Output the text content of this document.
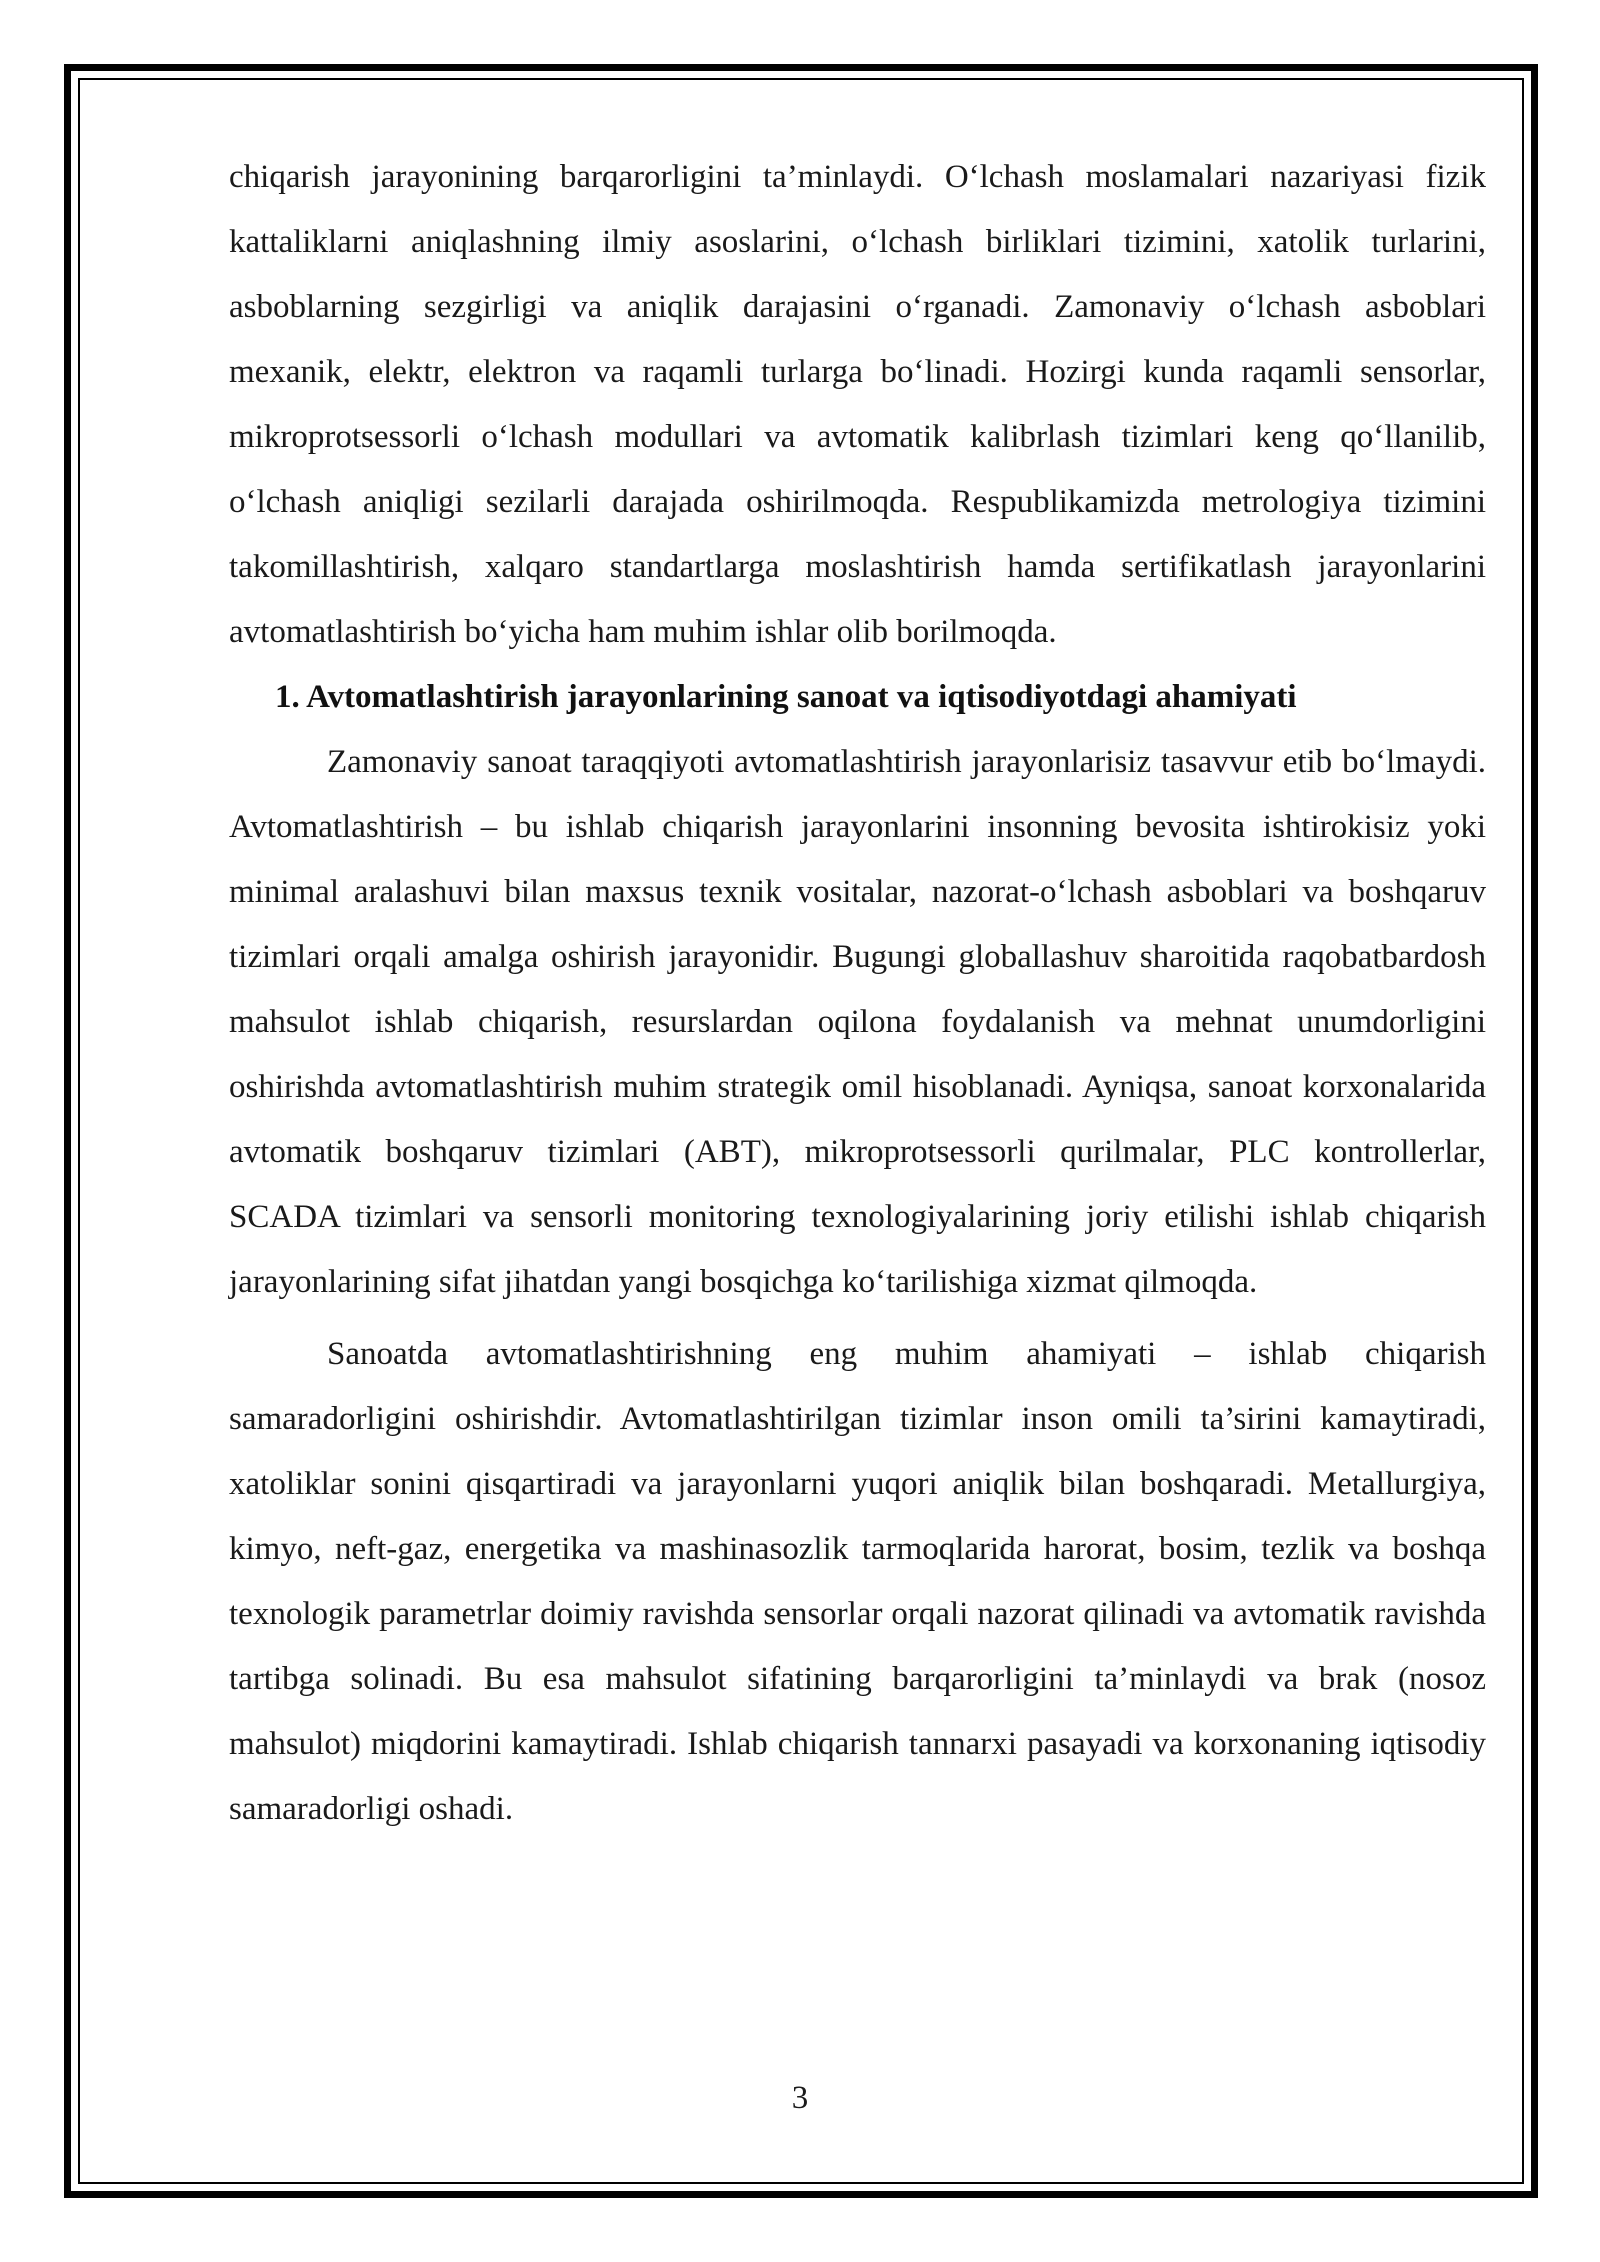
chiqarish jarayonining barqarorligini ta’minlaydi. O‘lchash moslamalari nazariyasi fizik kattaliklarni aniqlashning ilmiy asoslarini, o‘lchash birliklari tizimini, xatolik turlarini, asboblarning sezgirligi va aniqlik darajasini o‘rganadi. Zamonaviy o‘lchash asboblari mexanik, elektr, elektron va raqamli turlarga bo‘linadi. Hozirgi kunda raqamli sensorlar, mikroprotsessorli o‘lchash modullari va avtomatik kalibrlash tizimlari keng qo‘llanilib, o‘lchash aniqligi sezilarli darajada oshirilmoqda. Respublikamizda metrologiya tizimini takomillashtirish, xalqaro standartlarga moslashtirish hamda sertifikatlash jarayonlarini avtomatlashtirish bo‘yicha ham muhim ishlar olib borilmoqda.

1. Avtomatlashtirish jarayonlarining sanoat va iqtisodiyotdagi ahamiyati

Zamonaviy sanoat taraqqiyoti avtomatlashtirish jarayonlarisiz tasavvur etib bo‘lmaydi. Avtomatlashtirish – bu ishlab chiqarish jarayonlarini insonning bevosita ishtirokisiz yoki minimal aralashuvi bilan maxsus texnik vositalar, nazorat-o‘lchash asboblari va boshqaruv tizimlari orqali amalga oshirish jarayonidir. Bugungi globallashuv sharoitida raqobatbardosh mahsulot ishlab chiqarish, resurslardan oqilona foydalanish va mehnat unumdorligini oshirishda avtomatlashtirish muhim strategik omil hisoblanadi. Ayniqsa, sanoat korxonalarida avtomatik boshqaruv tizimlari (ABT), mikroprotsessorli qurilmalar, PLC kontrollerlar, SCADA tizimlari va sensorli monitoring texnologiyalarining joriy etilishi ishlab chiqarish jarayonlarining sifat jihatdan yangi bosqichga ko‘tarilishiga xizmat qilmoqda.

Sanoatda avtomatlashtirishning eng muhim ahamiyati – ishlab chiqarish samaradorligini oshirishdir. Avtomatlashtirilgan tizimlar inson omili ta’sirini kamaytiradi, xatoliklar sonini qisqartiradi va jarayonlarni yuqori aniqlik bilan boshqaradi. Metallurgiya, kimyo, neft-gaz, energetika va mashinasozlik tarmoqlarida harorat, bosim, tezlik va boshqa texnologik parametrlar doimiy ravishda sensorlar orqali nazorat qilinadi va avtomatik ravishda tartibga solinadi. Bu esa mahsulot sifatining barqarorligini ta’minlaydi va brak (nosoz mahsulot) miqdorini kamaytiradi. Ishlab chiqarish tannarxi pasayadi va korxonaning iqtisodiy samaradorligi oshadi.

3
